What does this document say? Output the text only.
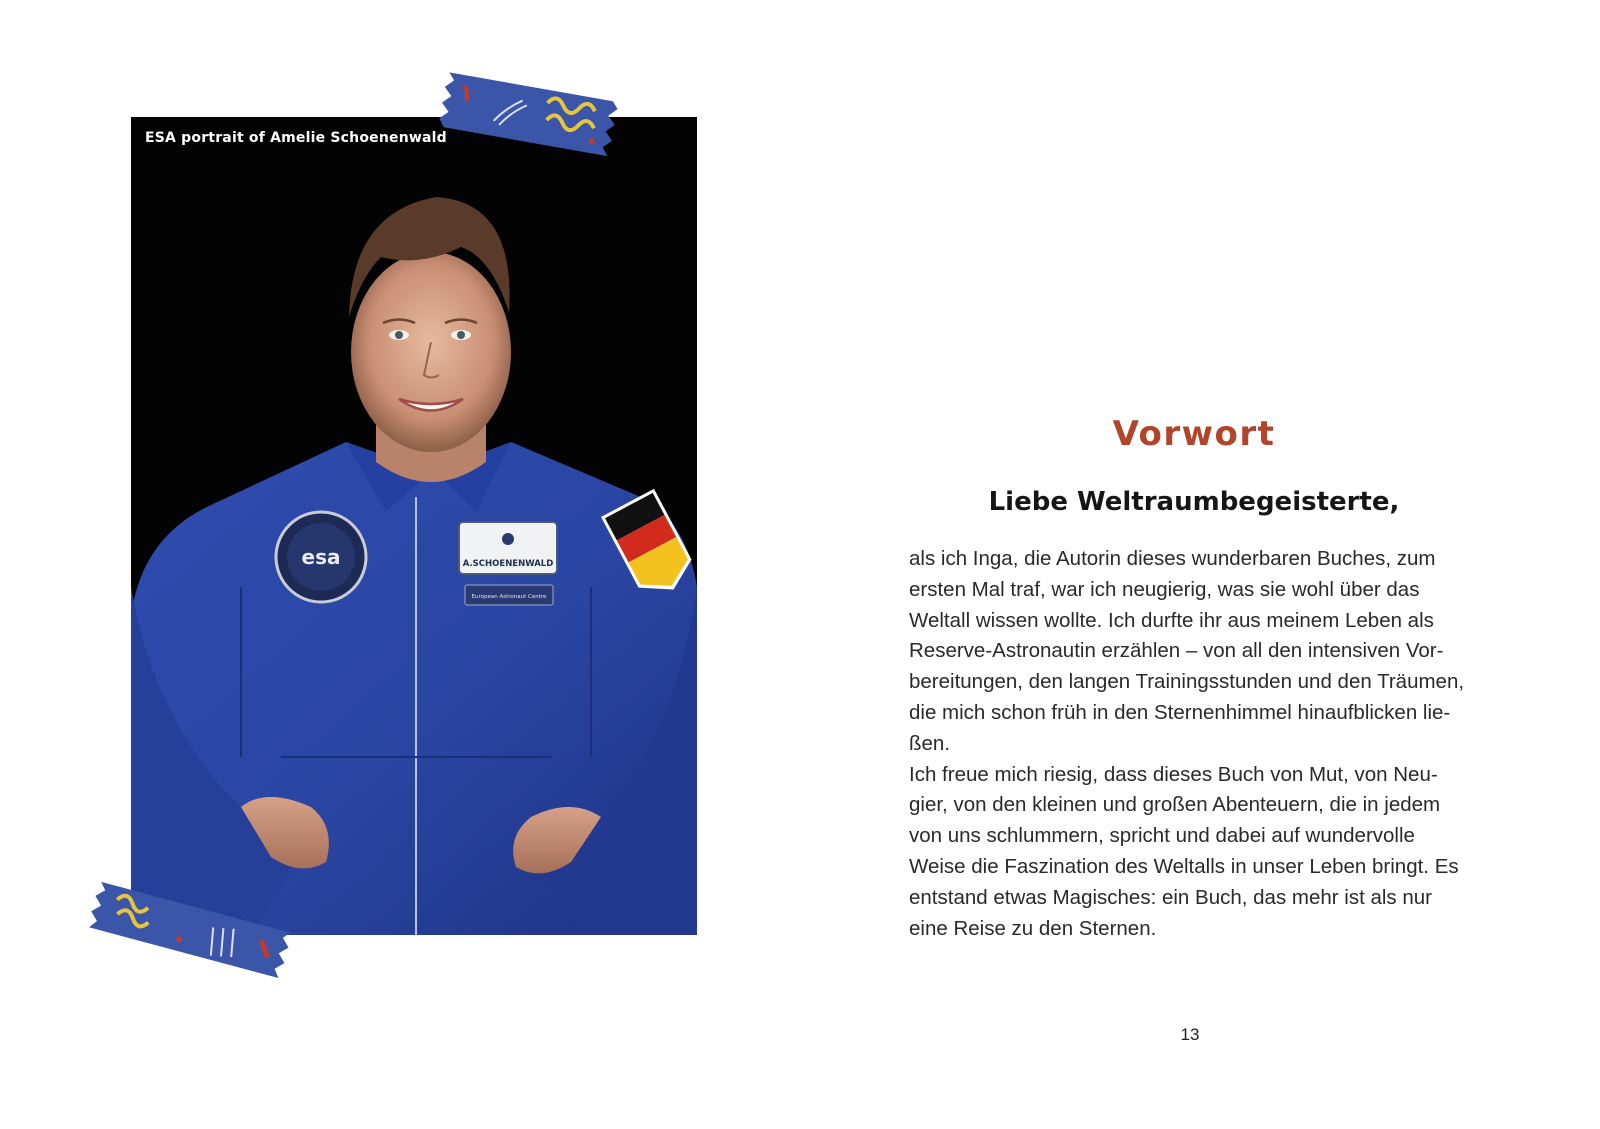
esa	A.SCHOENENWALD
European Astronaut Centre
ESA portrait of Amelie Schoenenwald
Vorwort
Liebe Weltraumbegeisterte,

als ich Inga, die Autorin dieses wunderbaren Buches, zum

ersten Mal traf, war ich neugierig, was sie wohl über das

Weltall wissen wollte. Ich durfte ihr aus meinem Leben als

Reserve-Astronautin erzählen – von all den intensiven Vor-

bereitungen, den langen Trainingsstunden und den Träumen,

die mich schon früh in den Sternenhimmel hinaufblicken lie-

ßen.

Ich freue mich riesig, dass dieses Buch von Mut, von Neu-

gier, von den kleinen und großen Abenteuern, die in jedem

von uns schlummern, spricht und dabei auf wundervolle

Weise die Faszination des Weltalls in unser Leben bringt. Es

entstand etwas Magisches: ein Buch, das mehr ist als nur

eine Reise zu den Sternen.

13
